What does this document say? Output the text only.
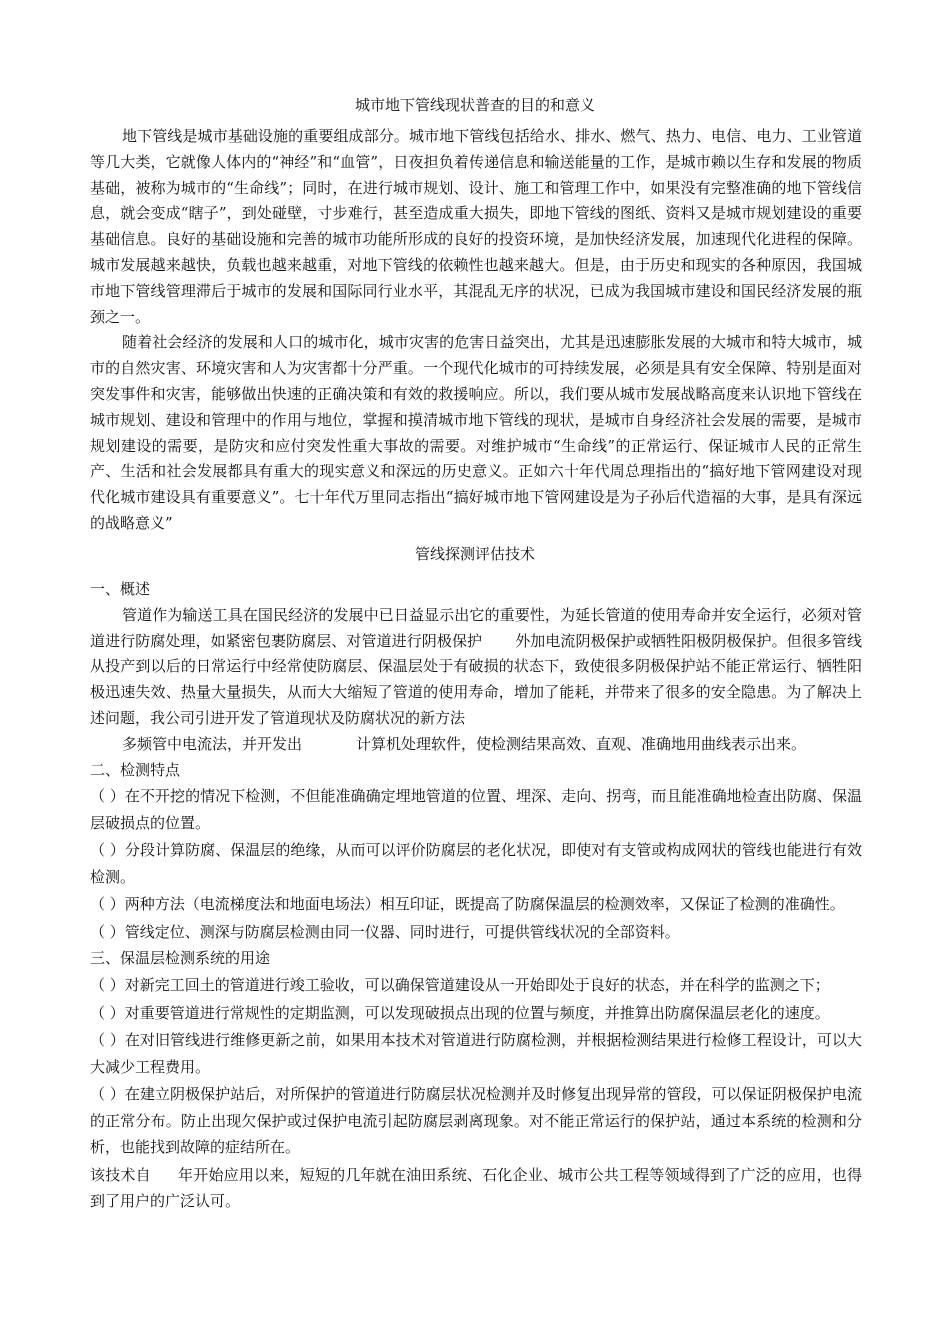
城市地下管线现状普查的目的和意义

地下管线是城市基础设施的重要组成部分。城市地下管线包括给水、排水、燃气、热力、电信、电力、工业管道等几大类，它就像人体内的“神经”和“血管”，日夜担负着传递信息和输送能量的工作，是城市赖以生存和发展的物质基础，被称为城市的“生命线”；同时，在进行城市规划、设计、施工和管理工作中，如果没有完整准确的地下管线信息，就会变成“瞎子”，到处碰壁，寸步难行，甚至造成重大损失，即地下管线的图纸、资料又是城市规划建设的重要基础信息。良好的基础设施和完善的城市功能所形成的良好的投资环境，是加快经济发展，加速现代化进程的保障。城市发展越来越快，负载也越来越重，对地下管线的依赖性也越来越大。但是，由于历史和现实的各种原因，我国城市地下管线管理滞后于城市的发展和国际同行业水平，其混乱无序的状况，已成为我国城市建设和国民经济发展的瓶颈之一。

随着社会经济的发展和人口的城市化，城市灾害的危害日益突出，尤其是迅速膨胀发展的大城市和特大城市，城市的自然灾害、环境灾害和人为灾害都十分严重。一个现代化城市的可持续发展，必须是具有安全保障、特别是面对突发事件和灾害，能够做出快速的正确决策和有效的救援响应。所以，我们要从城市发展战略高度来认识地下管线在城市规划、建设和管理中的作用与地位，掌握和摸清城市地下管线的现状，是城市自身经济社会发展的需要，是城市规划建设的需要，是防灾和应付突发性重大事故的需要。对维护城市“生命线”的正常运行、保证城市人民的正常生产、生活和社会发展都具有重大的现实意义和深远的历史意义。正如六十年代周总理指出的“搞好地下管网建设对现代化城市建设具有重要意义”。七十年代万里同志指出“搞好城市地下管网建设是为子孙后代造福的大事，是具有深远的战略意义”

管线探测评估技术

一、概述

管道作为输送工具在国民经济的发展中已日益显示出它的重要性，为延长管道的使用寿命并安全运行，必须对管道进行防腐处理，如紧密包裹防腐层、对管道进行阴极保护 外加电流阴极保护或牺牲阳极阴极保护。但很多管线从投产到以后的日常运行中经常使防腐层、保温层处于有破损的状态下，致使很多阴极保护站不能正常运行、牺牲阳极迅速失效、热量大量损失，从而大大缩短了管道的使用寿命，增加了能耗，并带来了很多的安全隐患。为了解决上述问题，我公司引进开发了管道现状及防腐状况的新方法

多频管中电流法，并开发出	计算机处理软件，使检测结果高效、直观、准确地用曲线表示出来。

二、检测特点

（ ）在不开挖的情况下检测，不但能准确确定埋地管道的位置、埋深、走向、拐弯，而且能准确地检查出防腐、保温层破损点的位置。

（ ）分段计算防腐、保温层的绝缘，从而可以评价防腐层的老化状况，即使对有支管或构成网状的管线也能进行有效检测。

（ ）两种方法（电流梯度法和地面电场法）相互印证，既提高了防腐保温层的检测效率，又保证了检测的准确性。

（ ）管线定位、测深与防腐层检测由同一仪器、同时进行，可提供管线状况的全部资料。

三、保温层检测系统的用途

（ ）对新完工回土的管道进行竣工验收，可以确保管道建设从一开始即处于良好的状态，并在科学的监测之下；

（ ）对重要管道进行常规性的定期监测，可以发现破损点出现的位置与频度，并推算出防腐保温层老化的速度。

（ ）在对旧管线进行维修更新之前，如果用本技术对管道进行防腐检测，并根据检测结果进行检修工程设计，可以大大减少工程费用。

（ ）在建立阴极保护站后，对所保护的管道进行防腐层状况检测并及时修复出现异常的管段，可以保证阴极保护电流的正常分布。防止出现欠保护或过保护电流引起防腐层剥离现象。对不能正常运行的保护站，通过本系统的检测和分析，也能找到故障的症结所在。

该技术自 年开始应用以来，短短的几年就在油田系统、石化企业、城市公共工程等领域得到了广泛的应用，也得到了用户的广泛认可。
